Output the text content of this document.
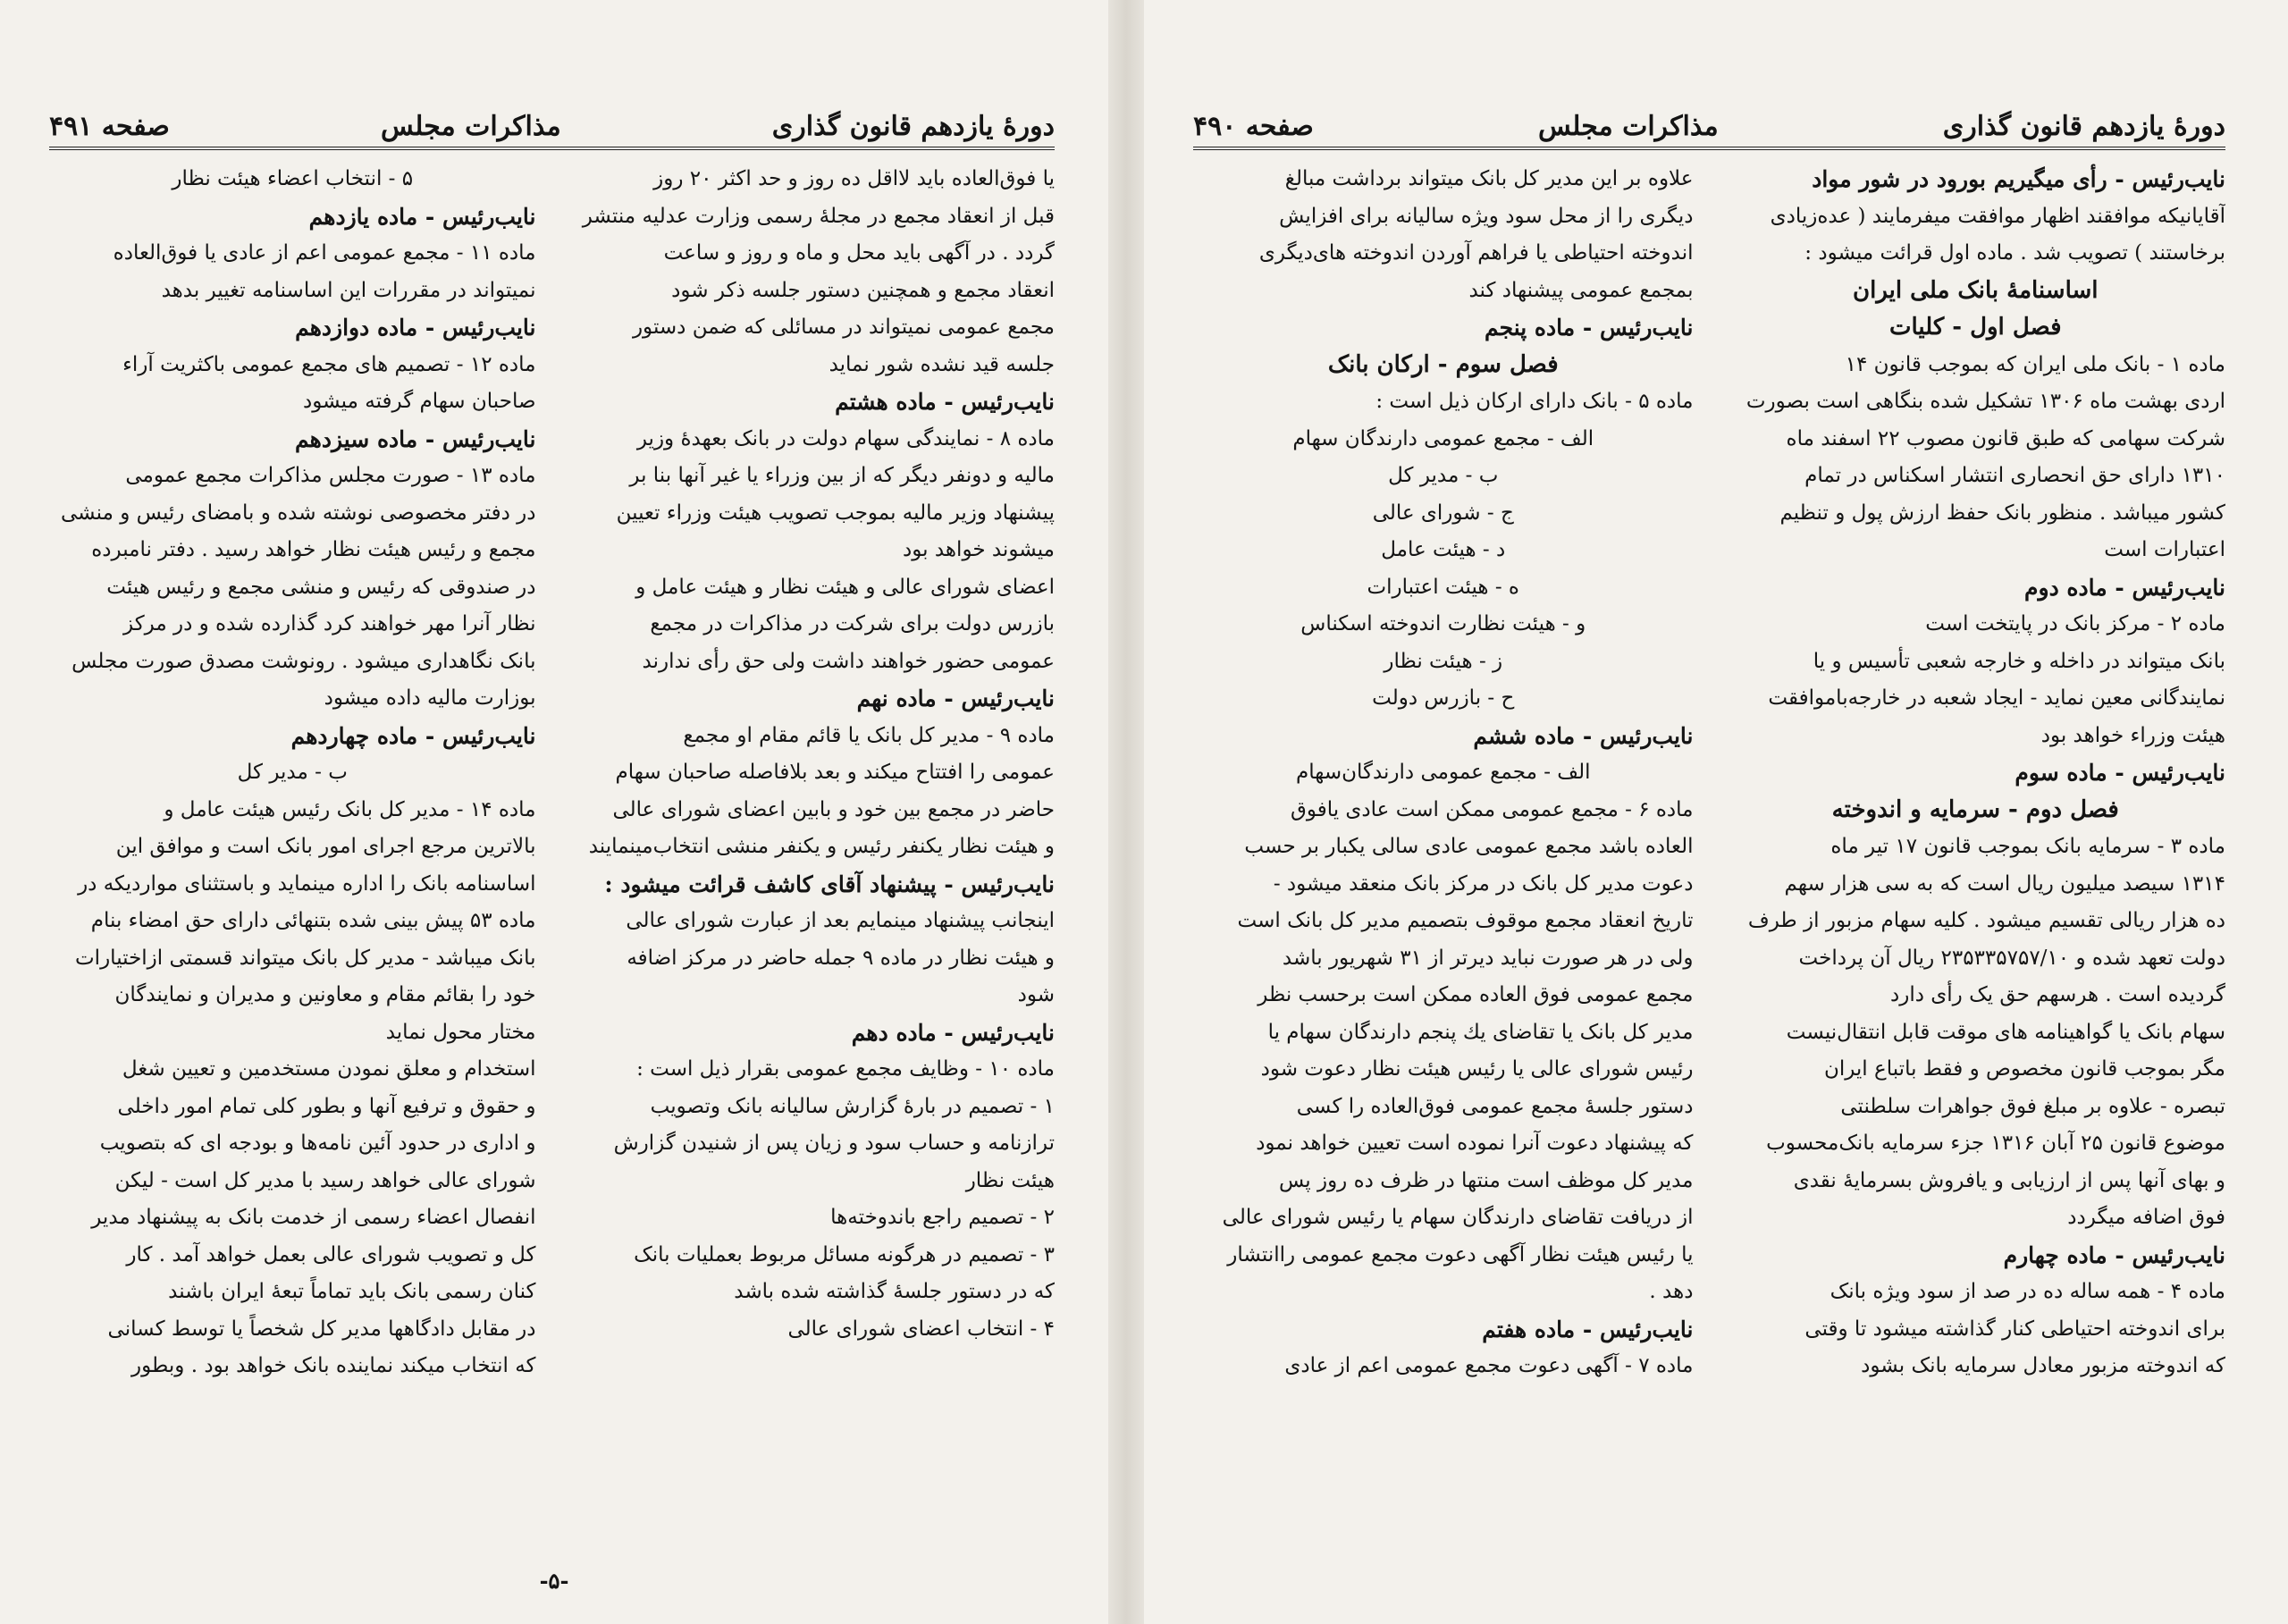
دورهٔ یازدهم قانون گذاری
مذاکرات مجلس
صفحه ۴۹۱

یا فوق‌العاده باید لااقل ده روز و حد اکثر ۲۰ روز

قبل از انعقاد مجمع در مجلهٔ رسمی وزارت عدلیه منتشر

گردد . در آگهی باید محل و ماه و روز و ساعت

انعقاد مجمع و همچنین دستور جلسه ذکر شود

مجمع عمومی نمیتواند در مسائلی که ضمن دستور

جلسه قید نشده شور نماید

نایب‌رئیس - ماده هشتم

ماده ۸ - نمایندگی سهام دولت در بانک بعهدهٔ وزیر

مالیه و دونفر دیگر که از بین وزراء یا غیر آنها بنا بر

پیشنهاد وزیر مالیه بموجب تصویب هیئت وزراء تعیین

میشوند خواهد بود

اعضای شورای عالی و هیئت نظار و هیئت عامل و

بازرس دولت برای شرکت در مذاکرات در مجمع

عمومی حضور خواهند داشت ولی حق رأی ندارند

نایب‌رئیس - ماده نهم

ماده ۹ - مدیر کل بانک یا قائم مقام او مجمع

عمومی را افتتاح میکند و بعد بلافاصله صاحبان سهام

حاضر در مجمع بین خود و بابین اعضای شورای عالی

و هیئت نظار یکنفر رئیس و یکنفر منشی انتخاب‌مینمایند

نایب‌رئیس - پیشنهاد آقای کاشف قرائت میشود :

اینجانب پیشنهاد مینمایم بعد از عبارت شورای عالی

و هیئت نظار در ماده ۹ جمله حاضر در مرکز اضافه

شود

نایب‌رئیس - ماده دهم

ماده ۱۰ - وظایف مجمع عمومی بقرار ذیل است :

۱ - تصمیم در بارهٔ گزارش سالیانه بانک وتصویب

ترازنامه و حساب سود و زیان پس از شنیدن گزارش

هیئت نظار

۲ - تصمیم راجع باندوخته‌ها

۳ - تصمیم در هرگونه مسائل مربوط بعملیات بانک

که در دستور جلسهٔ گذاشته شده باشد

۴ - انتخاب اعضای شورای عالی

۵ - انتخاب اعضاء هیئت نظار

نایب‌رئیس - ماده یازدهم

ماده ۱۱ - مجمع عمومی اعم از عادی یا فوق‌العاده

نمیتواند در مقررات این اساسنامه تغییر بدهد

نایب‌رئیس - ماده دوازدهم

ماده ۱۲ - تصمیم های مجمع عمومی باکثریت آراء

صاحبان سهام گرفته میشود

نایب‌رئیس - ماده سیزدهم

ماده ۱۳ - صورت مجلس مذاکرات مجمع عمومی

در دفتر مخصوصی نوشته شده و بامضای رئیس و منشی

مجمع و رئیس هیئت نظار خواهد رسید . دفتر نامبرده

در صندوقی که رئیس و منشی مجمع و رئیس هیئت

نظار آنرا مهر خواهند کرد گذارده شده و در مرکز

بانک نگاهداری میشود . رونوشت مصدق صورت مجلس

بوزارت مالیه داده میشود

نایب‌رئیس - ماده چهاردهم

ب - مدیر کل

ماده ۱۴ - مدیر کل بانک رئیس هیئت عامل و

بالاترین مرجع اجرای امور بانک است و موافق این

اساسنامه بانک را اداره مینماید و باستثنای مواردیکه در

ماده ۵۳ پیش بینی شده بتنهائی دارای حق امضاء بنام

بانک میباشد - مدیر کل بانک میتواند قسمتی ازاختیارات

خود را بقائم مقام و معاونین و مدیران و نمایندگان

مختار محول نماید

استخدام و معلق نمودن مستخدمین و تعیین شغل

و حقوق و ترفیع آنها و بطور کلی تمام امور داخلی

و اداری در حدود آئین نامه‌ها و بودجه ای که بتصویب

شورای عالی خواهد رسید با مدیر کل است - لیکن

انفصال اعضاء رسمی از خدمت بانک به پیشنهاد مدیر

کل و تصویب شورای عالی بعمل خواهد آمد . کار

کنان رسمی بانک باید تماماً تبعهٔ ایران باشند

در مقابل دادگاهها مدیر کل شخصاً یا توسط کسانی

که انتخاب میکند نماینده بانک خواهد بود . وبطور

-۵-
دورهٔ یازدهم قانون گذاری
مذاکرات مجلس
صفحه ۴۹۰

نایب‌رئیس - رأی میگیریم بورود در شور مواد

آقایانیکه موافقند اظهار موافقت میفرمایند ( عده‌زیادی

برخاستند ) تصویب شد . ماده اول قرائت میشود :

اساسنامهٔ بانک ملی ایران

فصل اول - کلیات

ماده ۱ - بانک ملی ایران که بموجب قانون ۱۴

اردی بهشت ماه ۱۳۰۶ تشکیل شده بنگاهی است بصورت

شرکت سهامی که طبق قانون مصوب ۲۲ اسفند ماه

۱۳۱۰ دارای حق انحصاری انتشار اسکناس در تمام

کشور میباشد . منظور بانک حفظ ارزش پول و تنظیم

اعتبارات است

نایب‌رئیس - ماده دوم

ماده ۲ - مرکز بانک در پایتخت است

بانک میتواند در داخله و خارجه شعبی تأسیس و یا

نمایندگانی معین نماید - ایجاد شعبه در خارجه‌باموافقت

هیئت وزراء خواهد بود

نایب‌رئیس - ماده سوم

فصل دوم - سرمایه و اندوخته

ماده ۳ - سرمایه بانک بموجب قانون ۱۷ تیر ماه

۱۳۱۴ سیصد میلیون ریال است که به سی هزار سهم

ده هزار ریالی تقسیم میشود . کلیه سهام مزبور از طرف

دولت تعهد شده و ۲۳۵۳۳۵۷۵۷/۱۰ ریال آن پرداخت

گردیده است . هرسهم حق یک رأی دارد

سهام بانک یا گواهینامه های موقت قابل انتقال‌نیست

مگر بموجب قانون مخصوص و فقط باتباع ایران

تبصره - علاوه بر مبلغ فوق جواهرات سلطنتی

موضوع قانون ۲۵ آبان ۱۳۱۶ جزء سرمایه بانک‌محسوب

و بهای آنها پس از ارزیابی و یافروش بسرمایهٔ نقدی

فوق اضافه میگردد

نایب‌رئیس - ماده چهارم

ماده ۴ - همه ساله ده در صد از سود ویژه بانک

برای اندوخته احتیاطی کنار گذاشته میشود تا وقتی

که اندوخته مزبور معادل سرمایه بانک بشود

علاوه بر این مدیر کل بانک میتواند برداشت مبالغ

دیگری را از محل سود ویژه سالیانه برای افزایش

اندوخته احتیاطی یا فراهم آوردن اندوخته های‌دیگری

بمجمع عمومی پیشنهاد کند

نایب‌رئیس - ماده پنجم

فصل سوم - ارکان بانک

ماده ۵ - بانک دارای ارکان ذیل است :

الف - مجمع عمومی دارندگان سهام

ب - مدیر کل

ج - شورای عالی

د - هیئت عامل

ه - هیئت اعتبارات

و - هیئت نظارت اندوخته اسکناس

ز - هیئت نظار

ح - بازرس دولت

نایب‌رئیس - ماده ششم

الف - مجمع عمومی دارندگان‌سهام

ماده ۶ - مجمع عمومی ممکن است عادی یافوق‌

العاده باشد مجمع عمومی عادی سالی یکبار بر حسب

دعوت مدیر کل بانک در مرکز بانک منعقد میشود -

تاریخ انعقاد مجمع موقوف بتصمیم مدیر کل بانک است

ولی در هر صورت نباید دیرتر از ۳۱ شهریور باشد

مجمع عمومی فوق العاده ممکن است برحسب نظر

مدیر کل بانک یا تقاضای یك پنجم دارندگان سهام یا

رئیس شورای عالی یا رئیس هیئت نظار دعوت شود

دستور جلسهٔ مجمع عمومی فوق‌العاده را کسی

که پیشنهاد دعوت آنرا نموده است تعیین خواهد نمود

مدیر کل موظف است منتها در ظرف ده روز پس

از دریافت تقاضای دارندگان سهام یا رئیس شورای عالی

یا رئیس هیئت نظار آگهی دعوت مجمع عمومی راانتشار

دهد .

نایب‌رئیس - ماده هفتم

ماده ۷ - آگهی دعوت مجمع عمومی اعم از عادی
